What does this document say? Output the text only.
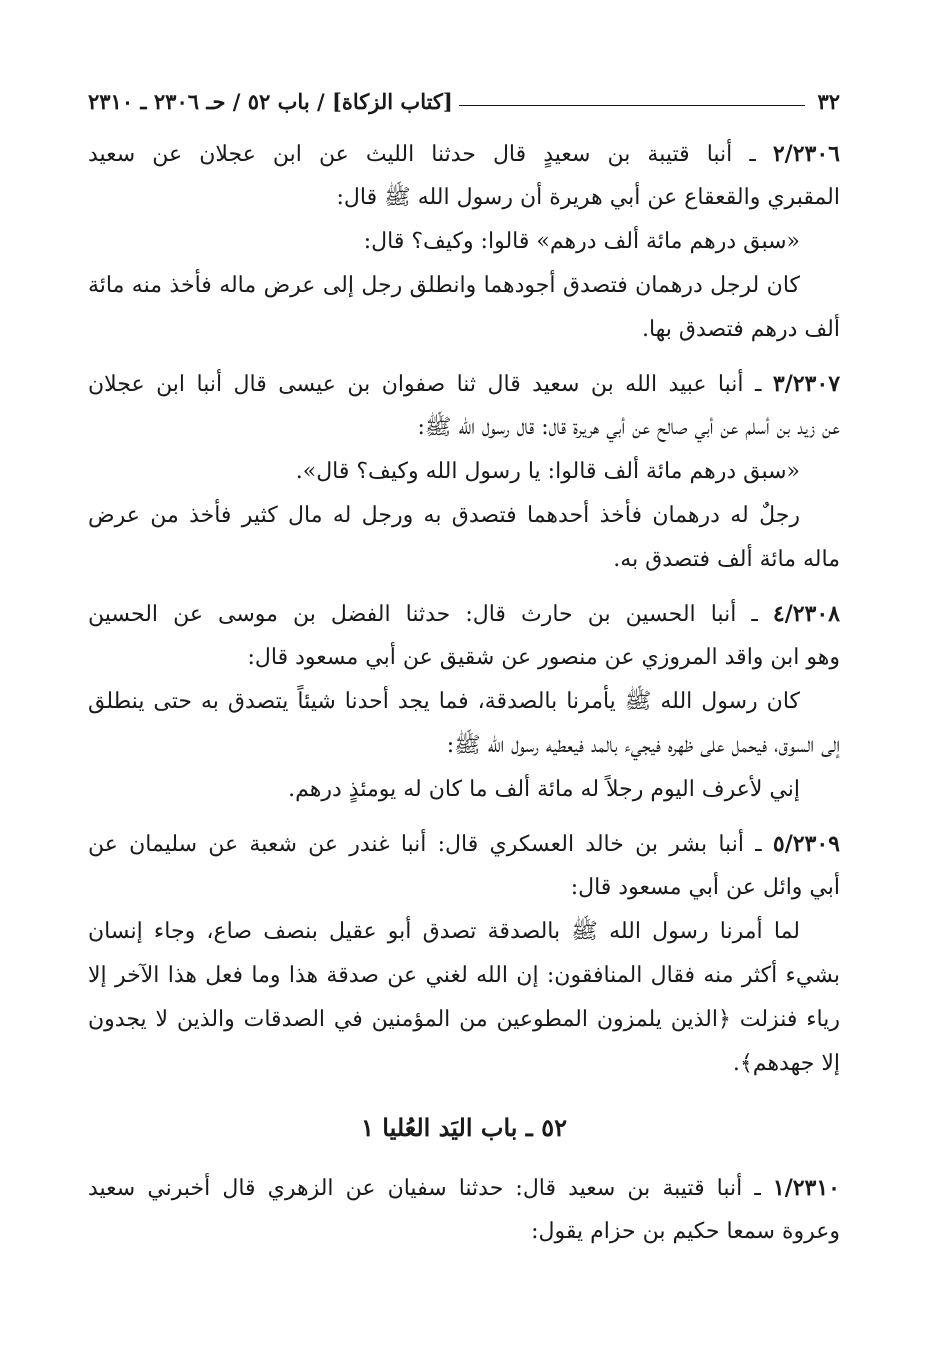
٣٢
[كتاب الزكاة] / باب ٥٢ / حـ ٢٣٠٦ ـ ٢٣١٠
٢/٢٣٠٦ ـ أنبا قتيبة بن سعيدٍ قال حدثنا الليث عن ابن عجلان عن سعيد
المقبري والقعقاع عن أبي هريرة أن رسول الله ﷺ قال:
«سبق درهم مائة ألف درهم» قالوا: وكيف؟ قال:
كان لرجل درهمان فتصدق أجودهما وانطلق رجل إلى عرض ماله فأخذ منه مائة
ألف درهم فتصدق بها.
٣/٢٣٠٧ ـ أنبا عبيد الله بن سعيد قال ثنا صفوان بن عيسى قال أنبا ابن عجلان
عن زيد بن أسلم عن أبي صالح عن أبي هريرة قال: قال رسول الله ﷺ:
«سبق درهم مائة ألف قالوا: يا رسول الله وكيف؟ قال».
رجلٌ له درهمان فأخذ أحدهما فتصدق به ورجل له مال كثير فأخذ من عرض
ماله مائة ألف فتصدق به.
٤/٢٣٠٨ ـ أنبا الحسين بن حارث قال: حدثنا الفضل بن موسى عن الحسين
وهو ابن واقد المروزي عن منصور عن شقيق عن أبي مسعود قال:
كان رسول الله ﷺ يأمرنا بالصدقة، فما يجد أحدنا شيئاً يتصدق به حتى ينطلق
إلى السوق، فيحمل على ظهره فيجيء بالمد فيعطيه رسول الله ﷺ:
إني لأعرف اليوم رجلاً له مائة ألف ما كان له يومئذٍ درهم.
٥/٢٣٠٩ ـ أنبا بشر بن خالد العسكري قال: أنبا غندر عن شعبة عن سليمان عن
أبي وائل عن أبي مسعود قال:
لما أمرنا رسول الله ﷺ بالصدقة تصدق أبو عقيل بنصف صاع، وجاء إنسان
بشيء أكثر منه فقال المنافقون: إن الله لغني عن صدقة هذا وما فعل هذا الآخر إلا
رياء فنزلت ﴿الذين يلمزون المطوعين من المؤمنين في الصدقات والذين لا يجدون
إلا جهدهم﴾.
٥٢ ـ باب اليَد العُليا ١
١/٢٣١٠ ـ أنبا قتيبة بن سعيد قال: حدثنا سفيان عن الزهري قال أخبرني سعيد
وعروة سمعا حكيم بن حزام يقول:
